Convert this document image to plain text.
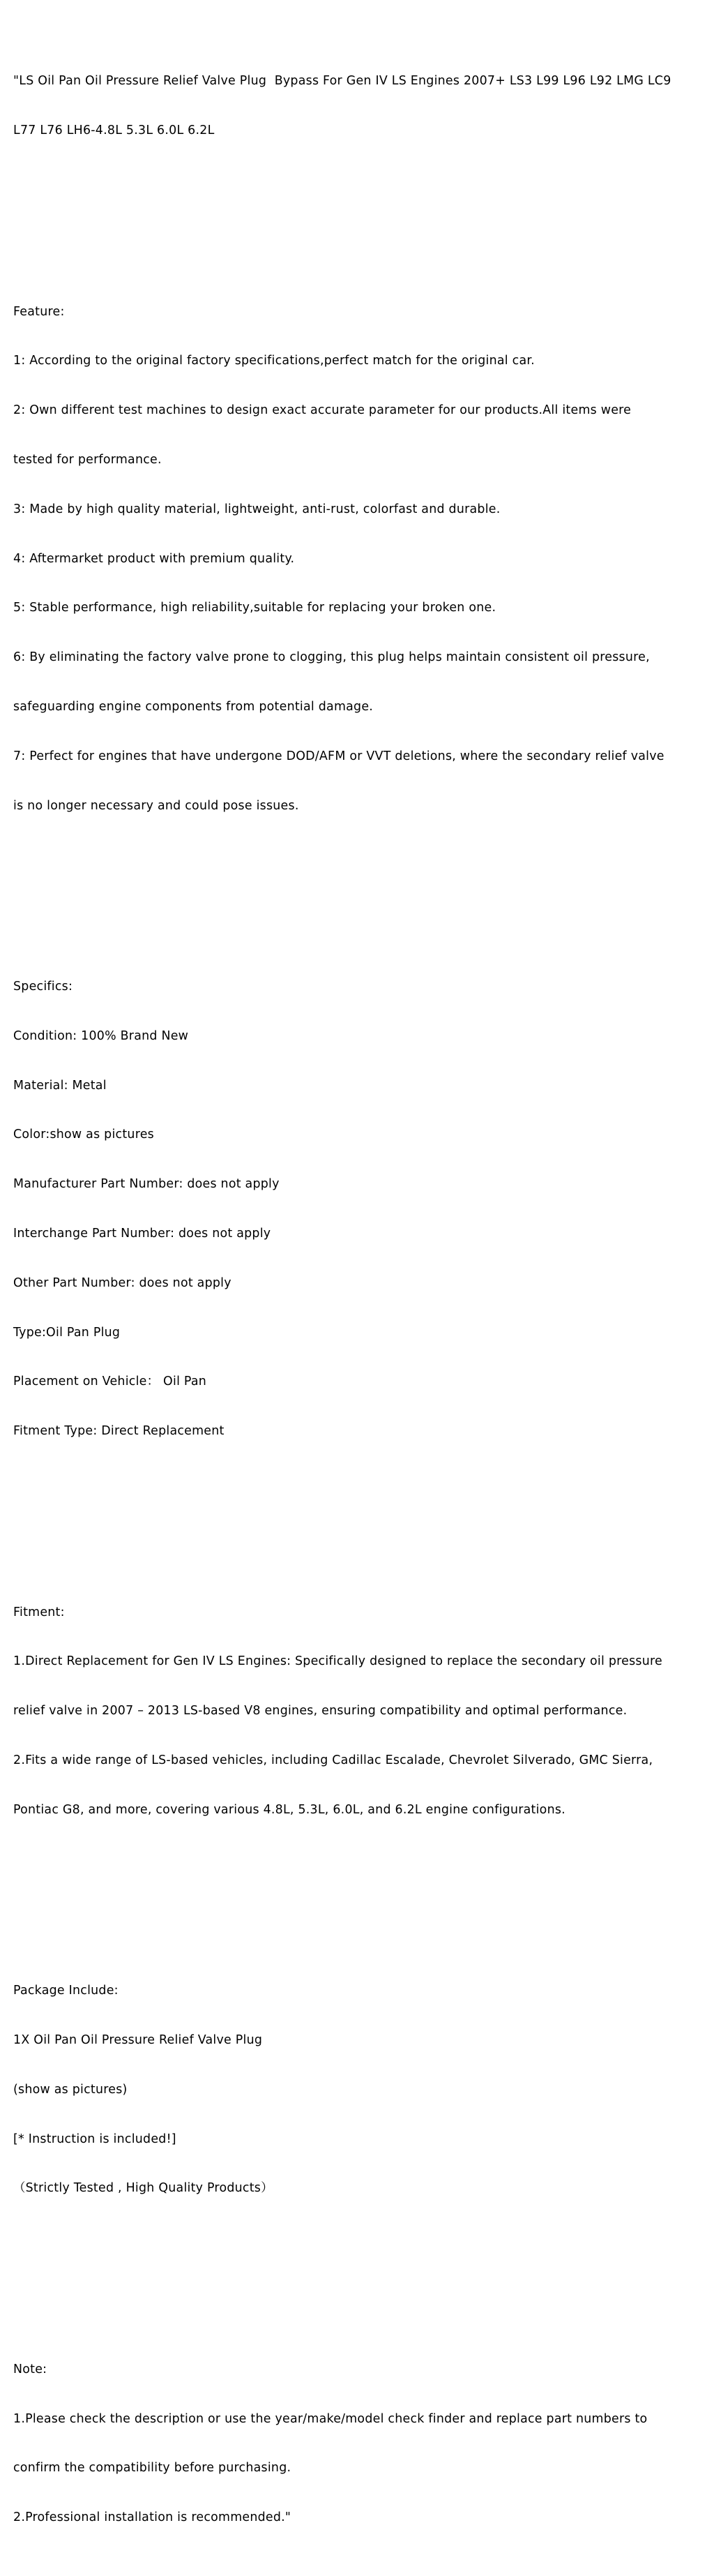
"LS Oil Pan Oil Pressure Relief Valve Plug  Bypass For Gen IV LS Engines 2007+ LS3 L99 L96 L92 LMG LC9

L77 L76 LH6-4.8L 5.3L 6.0L 6.2L

Feature:

1: According to the original factory specifications,perfect match for the original car.

2: Own different test machines to design exact accurate parameter for our products.All items were

tested for performance.

3: Made by high quality material, lightweight, anti-rust, colorfast and durable.

4: Aftermarket product with premium quality.

5: Stable performance, high reliability,suitable for replacing your broken one.

6: By eliminating the factory valve prone to clogging, this plug helps maintain consistent oil pressure,

safeguarding engine components from potential damage.

7: Perfect for engines that have undergone DOD/AFM or VVT deletions, where the secondary relief valve

is no longer necessary and could pose issues.

Specifics:

Condition: 100% Brand New

Material: Metal

Color:show as pictures

Manufacturer Part Number: does not apply

Interchange Part Number: does not apply

Other Part Number: does not apply

Type:Oil Pan Plug

Placement on Vehicle： Oil Pan

Fitment Type: Direct Replacement

Fitment:

1.Direct Replacement for Gen IV LS Engines: Specifically designed to replace the secondary oil pressure

relief valve in 2007 – 2013 LS-based V8 engines, ensuring compatibility and optimal performance.

2.Fits a wide range of LS-based vehicles, including Cadillac Escalade, Chevrolet Silverado, GMC Sierra,

Pontiac G8, and more, covering various 4.8L, 5.3L, 6.0L, and 6.2L engine configurations.

Package Include:

1X Oil Pan Oil Pressure Relief Valve Plug

(show as pictures)

[* Instruction is included!]

（Strictly Tested , High Quality Products）

Note:

1.Please check the description or use the year/make/model check finder and replace part numbers to

confirm the compatibility before purchasing.

2.Professional installation is recommended."
